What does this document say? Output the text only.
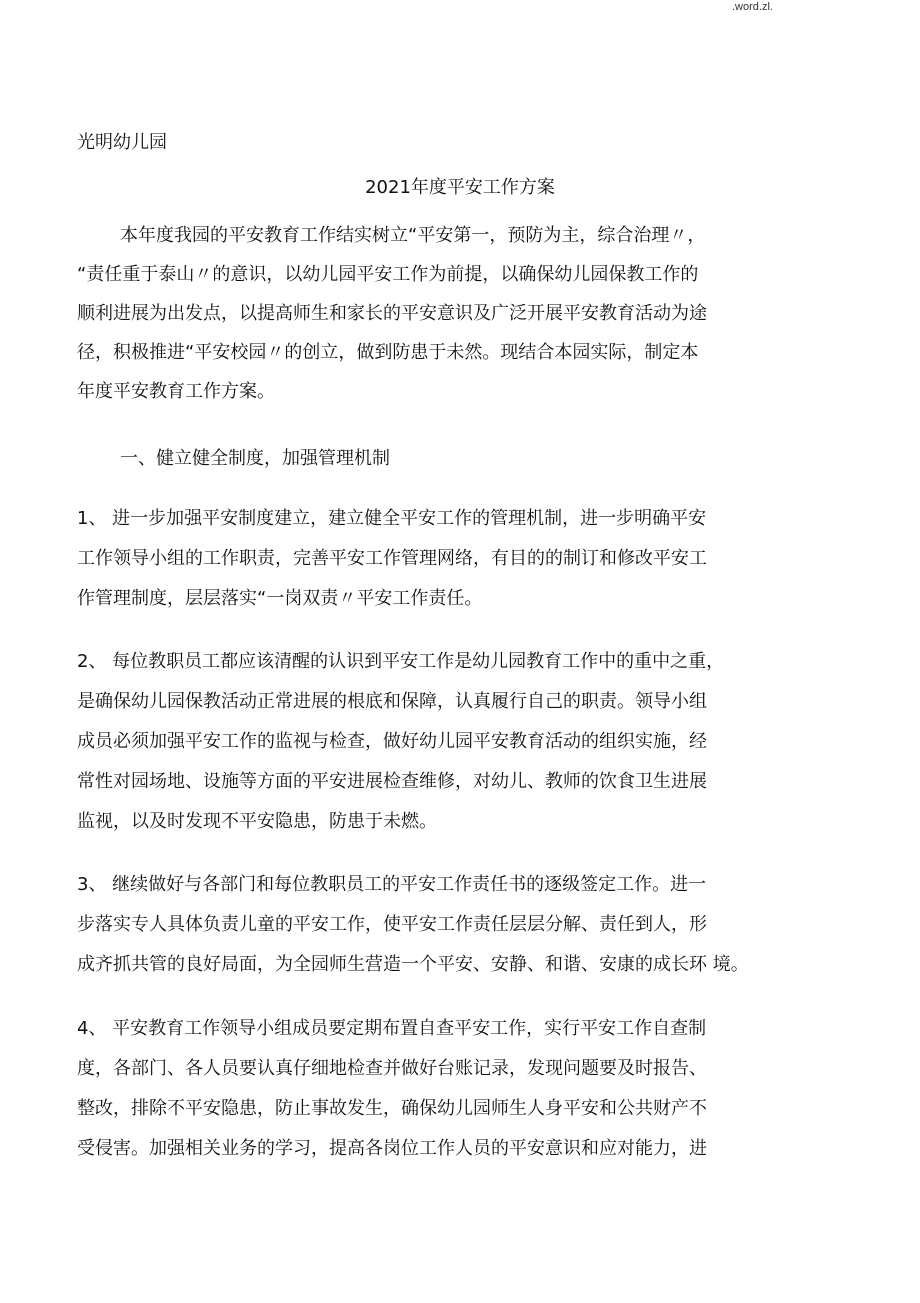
.word.zl.
光明幼儿园
2021年度平安工作方案
本年度我园的平安教育工作结实树立“平安第一，预防为主，综合治理〃，
“责任重于泰山〃的意识，以幼儿园平安工作为前提，以确保幼儿园保教工作的
顺利进展为出发点，以提高师生和家长的平安意识及广泛开展平安教育活动为途
径，积极推进“平安校园〃的创立，做到防患于未然。现结合本园实际，制定本
年度平安教育工作方案。
一、健立健全制度，加强管理机制
1、 进一步加强平安制度建立，建立健全平安工作的管理机制，进一步明确平安
工作领导小组的工作职责，完善平安工作管理网络，有目的的制订和修改平安工
作管理制度，层层落实“一岗双责〃平安工作责任。
2、 每位教职员工都应该清醒的认识到平安工作是幼儿园教育工作中的重中之重，
是确保幼儿园保教活动正常进展的根底和保障，认真履行自己的职责。领导小组
成员必须加强平安工作的监视与检查，做好幼儿园平安教育活动的组织实施，经
常性对园场地、设施等方面的平安进展检查维修，对幼儿、教师的饮食卫生进展
监视，以及时发现不平安隐患，防患于未燃。
3、 继续做好与各部门和每位教职员工的平安工作责任书的逐级签定工作。进一
步落实专人具体负责儿童的平安工作，使平安工作责任层层分解、责任到人，形
成齐抓共管的良好局面，为全园师生营造一个平安、安静、和谐、安康的成长环 境。
4、 平安教育工作领导小组成员要定期布置自查平安工作，实行平安工作自查制
度，各部门、各人员要认真仔细地检查并做好台账记录，发现问题要及时报告、
整改，排除不平安隐患，防止事故发生，确保幼儿园师生人身平安和公共财产不
受侵害。加强相关业务的学习，提高各岗位工作人员的平安意识和应对能力，进
